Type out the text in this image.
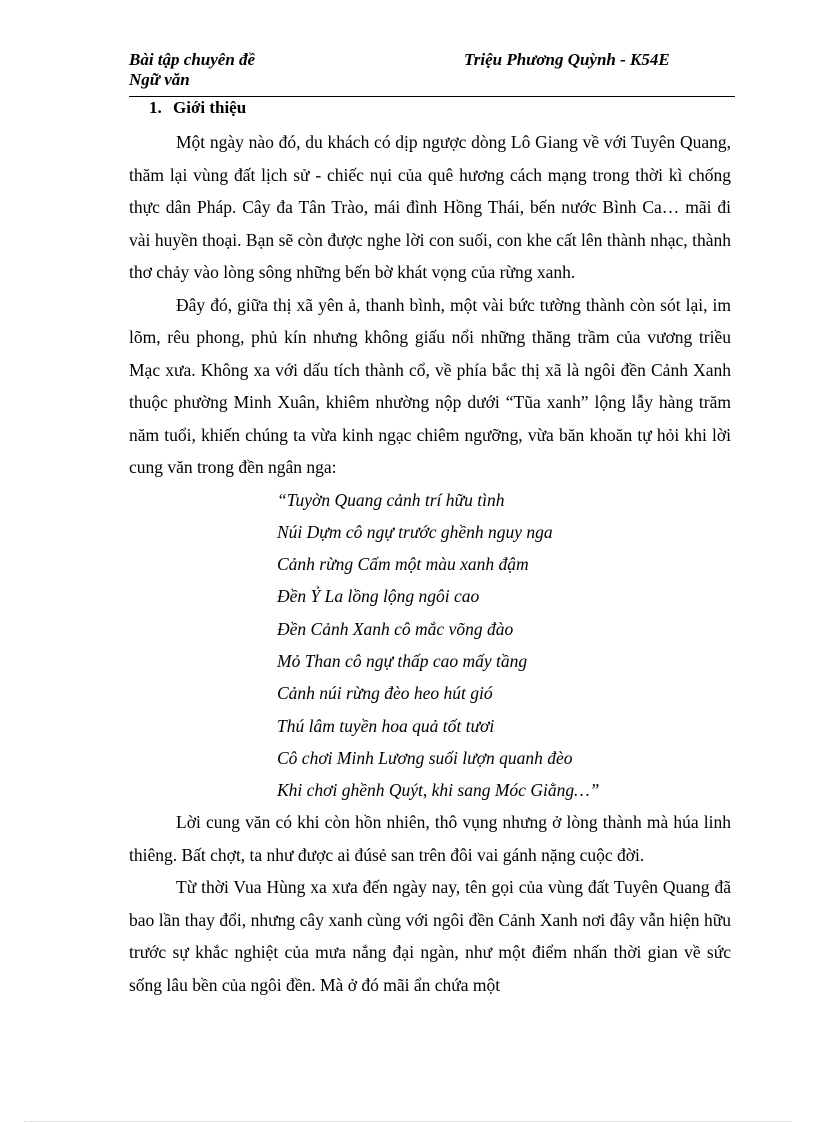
Bài tập chuyên đề
Ngữ văn
Triệu Phương Quỳnh - K54E

1. Giới thiệu

Một ngày nào đó, du khách có dịp ngược dòng Lô Giang về với Tuyên Quang, thăm lại vùng đất lịch sử - chiếc nụi của quê hương cách mạng trong thời kì chống thực dân Pháp. Cây đa Tân Trào, mái đình Hồng Thái, bến nước Bình Ca… mãi đi vài huyền thoại. Bạn sẽ còn được nghe lời con suối, con khe cất lên thành nhạc, thành thơ chảy vào lòng sông những bến bờ khát vọng của rừng xanh.

Đây đó, giữa thị xã yên ả, thanh bình, một vài bức tường thành còn sót lại, im lõm, rêu phong, phủ kín nhưng không giấu nổi những thăng trầm của vương triều Mạc xưa. Không xa với dấu tích thành cổ, về phía bắc thị xã là ngôi đền Cảnh Xanh thuộc phường Minh Xuân, khiêm nhường nộp dưới “Tũa xanh” lộng lẫy hàng trăm năm tuổi, khiến chúng ta vừa kinh ngạc chiêm ngưỡng, vừa băn khoăn tự hỏi khi lời cung văn trong đền ngân nga:

“Tuyờn Quang cảnh trí hữu tình
Núi Dựm cô ngự trước ghềnh nguy nga
Cảnh rừng Cấm một màu xanh đậm
Đền Ỷ La lồng lộng ngôi cao
Đền Cảnh Xanh cô mắc võng đào
Mỏ Than cô ngự thấp cao mấy tầng
Cảnh núi rừng đèo heo hút gió
Thú lâm tuyền hoa quả tốt tươi
Cô chơi Minh Lương suối lượn quanh đèo
Khi chơi ghềnh Quýt, khi sang Móc Giằng…”

Lời cung văn có khi còn hồn nhiên, thô vụng nhưng ở lòng thành mà húa linh thiêng. Bất chợt, ta như được ai đúsẻ san trên đôi vai gánh nặng cuộc đời.

Từ thời Vua Hùng xa xưa đến ngày nay, tên gọi của vùng đất Tuyên Quang đã bao lần thay đổi, nhưng cây xanh cùng với ngôi đền Cảnh Xanh nơi đây vẫn hiện hữu trước sự khắc nghiệt của mưa nắng đại ngàn, như một điểm nhấn thời gian về sức sống lâu bền của ngôi đền. Mà ở đó mãi ẩn chứa một
